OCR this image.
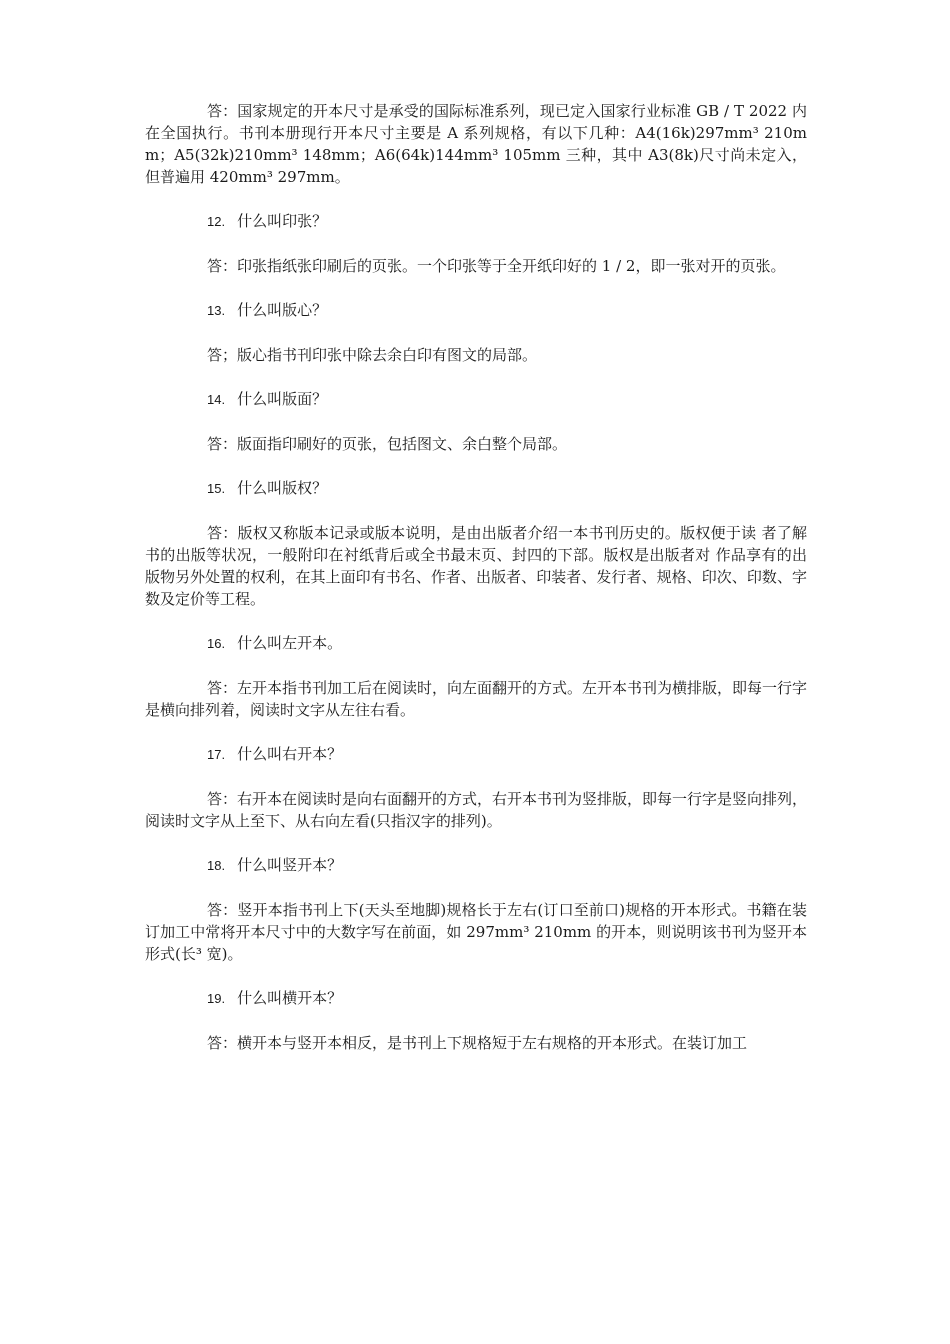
答：国家规定的开本尺寸是承受的国际标准系列，现已定入国家行业标准 GB / T 2022 内在全国执行。书刊本册现行开本尺寸主要是 A 系列规格，有以下几种：A4(16k)297mm³ 210mm；A5(32k)210mm³ 148mm；A6(64k)144mm³ 105mm 三种，其中 A3(8k)尺寸尚未定入，但普遍用 420mm³ 297mm。

12. 什么叫印张？

答：印张指纸张印刷后的页张。一个印张等于全开纸印好的 1 / 2，即一张对开的页张。

13. 什么叫版心？

答；版心指书刊印张中除去余白印有图文的局部。

14. 什么叫版面？

答：版面指印刷好的页张，包括图文、余白整个局部。

15. 什么叫版权？

答：版权又称版本记录或版本说明，是由出版者介绍一本书刊历史的。版权便于读 者了解书的出版等状况，一般附印在衬纸背后或全书最末页、封四的下部。版权是出版者对 作品享有的出版物另外处置的权利，在其上面印有书名、作者、出版者、印装者、发行者、规格、印次、印数、字数及定价等工程。

16. 什么叫左开本。

答：左开本指书刊加工后在阅读时，向左面翻开的方式。左开本书刊为横排版，即每一行字是横向排列着，阅读时文字从左往右看。

17. 什么叫右开本？

答：右开本在阅读时是向右面翻开的方式，右开本书刊为竖排版，即每一行字是竖向排列，阅读时文字从上至下、从右向左看(只指汉字的排列)。

18. 什么叫竖开本？

答：竖开本指书刊上下(天头至地脚)规格长于左右(订口至前口)规格的开本形式。书籍在装订加工中常将开本尺寸中的大数字写在前面，如 297mm³ 210mm 的开本，则说明该书刊为竖开本形式(长³ 宽)。

19. 什么叫横开本？

答：横开本与竖开本相反，是书刊上下规格短于左右规格的开本形式。在装订加工
